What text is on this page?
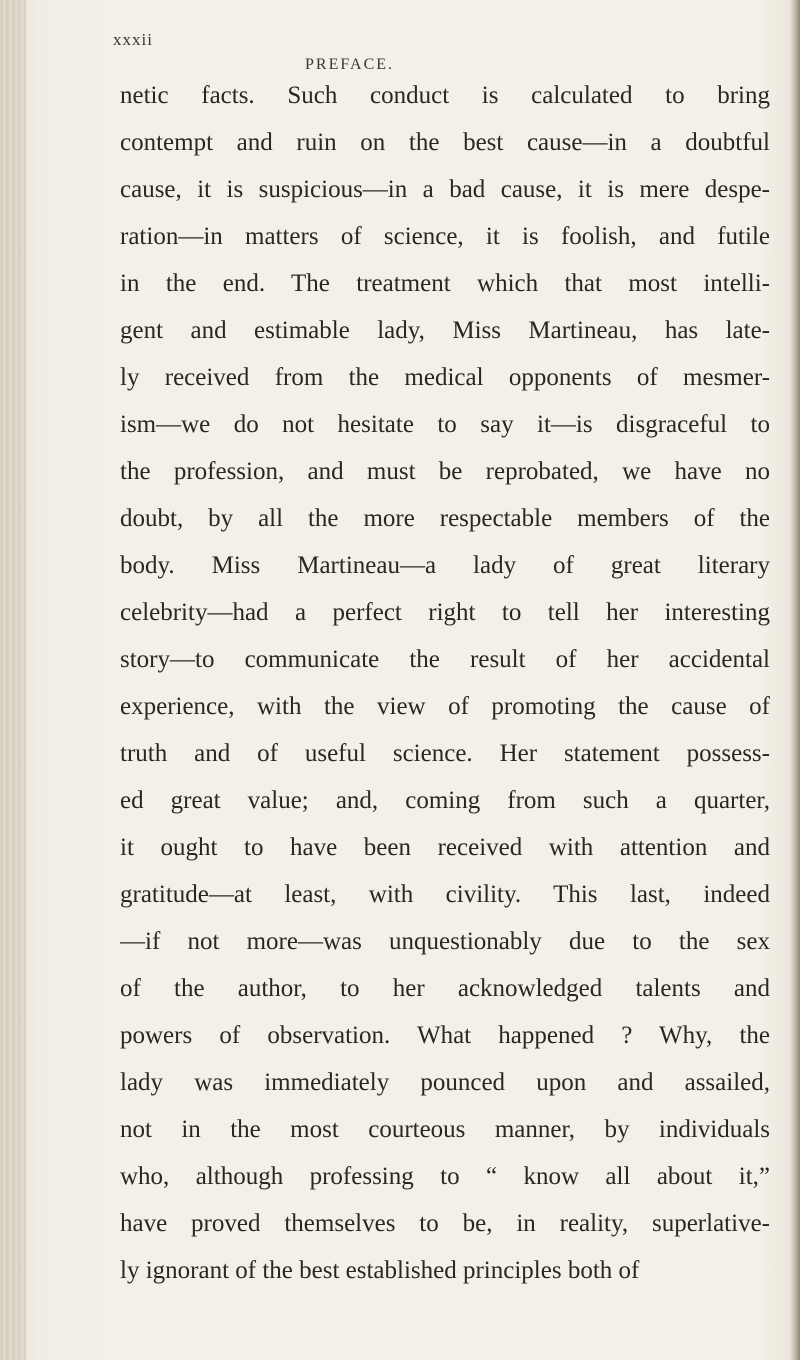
xxxii
PREFACE.
netic facts. Such conduct is calculated to bring
contempt and ruin on the best cause—in a doubtful
cause, it is suspicious—in a bad cause, it is mere despe-
ration—in matters of science, it is foolish, and futile
in the end. The treatment which that most intelli-
gent and estimable lady, Miss Martineau, has late-
ly received from the medical opponents of mesmer-
ism—we do not hesitate to say it—is disgraceful to
the profession, and must be reprobated, we have no
doubt, by all the more respectable members of the
body. Miss Martineau—a lady of great literary
celebrity—had a perfect right to tell her interesting
story—to communicate the result of her accidental
experience, with the view of promoting the cause of
truth and of useful science. Her statement possess-
ed great value; and, coming from such a quarter,
it ought to have been received with attention and
gratitude—at least, with civility. This last, indeed
—if not more—was unquestionably due to the sex
of the author, to her acknowledged talents and
powers of observation. What happened ? Why, the
lady was immediately pounced upon and assailed,
not in the most courteous manner, by individuals
who, although professing to “ know all about it,”
have proved themselves to be, in reality, superlative-
ly ignorant of the best established principles both of
